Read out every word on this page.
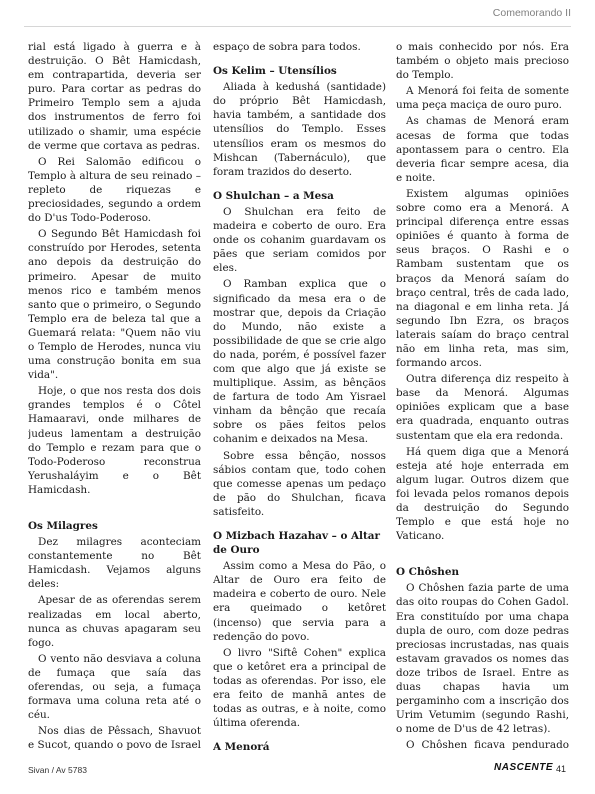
Comemorando II

rial está ligado à guerra e à destruição. O Bêt Hamicdash, em contrapartida, deveria ser puro. Para cortar as pedras do Primeiro Templo sem a ajuda dos instrumentos de ferro foi utilizado o shamir, uma espécie de verme que cortava as pedras.

O Rei Salomão edificou o Templo à altura de seu reinado – repleto de riquezas e preciosidades, segundo a ordem do D'us Todo-Poderoso.

O Segundo Bêt Hamicdash foi construído por Herodes, setenta ano depois da destruição do primeiro. Apesar de muito menos rico e também menos santo que o primeiro, o Segundo Templo era de beleza tal que a Guemará relata: "Quem não viu o Templo de Herodes, nunca viu uma construção bonita em sua vida".

Hoje, o que nos resta dos dois grandes templos é o Côtel Hamaaravi, onde milhares de judeus lamentam a destruição do Templo e rezam para que o Todo-Poderoso reconstrua Yerushaláyim e o Bêt Hamicdash.

Os Milagres

Dez milagres aconteciam constantemente no Bêt Hamicdash. Vejamos alguns deles:

Apesar de as oferendas serem realizadas em local aberto, nunca as chuvas apagaram seu fogo.

O vento não desviava a coluna de fumaça que saía das oferendas, ou seja, a fumaça formava uma coluna reta até o céu.

Nos dias de Pêssach, Shavuot e Sucot, quando o povo de Israel

espaço de sobra para todos.

Os Kelim – Utensílios

Aliada à kedushá (santidade) do próprio Bêt Hamicdash, havia também, a santidade dos utensílios do Templo. Esses utensílios eram os mesmos do Mishcan (Tabernáculo), que foram trazidos do deserto.

O Shulchan – a Mesa

O Shulchan era feito de madeira e coberto de ouro. Era onde os cohanim guardavam os pães que seriam comidos por eles.

O Ramban explica que o significado da mesa era o de mostrar que, depois da Criação do Mundo, não existe a possibilidade de que se crie algo do nada, porém, é possível fazer com que algo que já existe se multiplique. Assim, as bênçãos de fartura de todo Am Yisrael vinham da bênção que recaía sobre os pães feitos pelos cohanim e deixados na Mesa.

Sobre essa bênção, nossos sábios contam que, todo cohen que comesse apenas um pedaço de pão do Shulchan, ficava satisfeito.

O Mizbach Hazahav – o Altar de Ouro

Assim como a Mesa do Pão, o Altar de Ouro era feito de madeira e coberto de ouro. Nele era queimado o ketôret (incenso) que servia para a redenção do povo.

O livro "Siftê Cohen" explica que o ketôret era a principal de todas as oferendas. Por isso, ele era feito de manhã antes de todas as outras, e à noite, como última oferenda.

A Menorá

o mais conhecido por nós. Era também o objeto mais precioso do Templo.

A Menorá foi feita de somente uma peça maciça de ouro puro.

As chamas de Menorá eram acesas de forma que todas apontassem para o centro. Ela deveria ficar sempre acesa, dia e noite.

Existem algumas opiniões sobre como era a Menorá. A principal diferença entre essas opiniões é quanto à forma de seus braços. O Rashi e o Rambam sustentam que os braços da Menorá saíam do braço central, três de cada lado, na diagonal e em linha reta. Já segundo Ibn Ezra, os braços laterais saíam do braço central não em linha reta, mas sim, formando arcos.

Outra diferença diz respeito à base da Menorá. Algumas opiniões explicam que a base era quadrada, enquanto outras sustentam que ela era redonda.

Há quem diga que a Menorá esteja até hoje enterrada em algum lugar. Outros dizem que foi levada pelos romanos depois da destruição do Segundo Templo e que está hoje no Vaticano.

O Chôshen

O Chôshen fazia parte de uma das oito roupas do Cohen Gadol. Era constituído por uma chapa dupla de ouro, com doze pedras preciosas incrustadas, nas quais estavam gravados os nomes das doze tribos de Israel. Entre as duas chapas havia um pergaminho com a inscrição dos Urim Vetumim (segundo Rashi, o nome de D'us de 42 letras).

O Chôshen ficava pendurado

Sivan / Av 5783	NASCENTE 41
